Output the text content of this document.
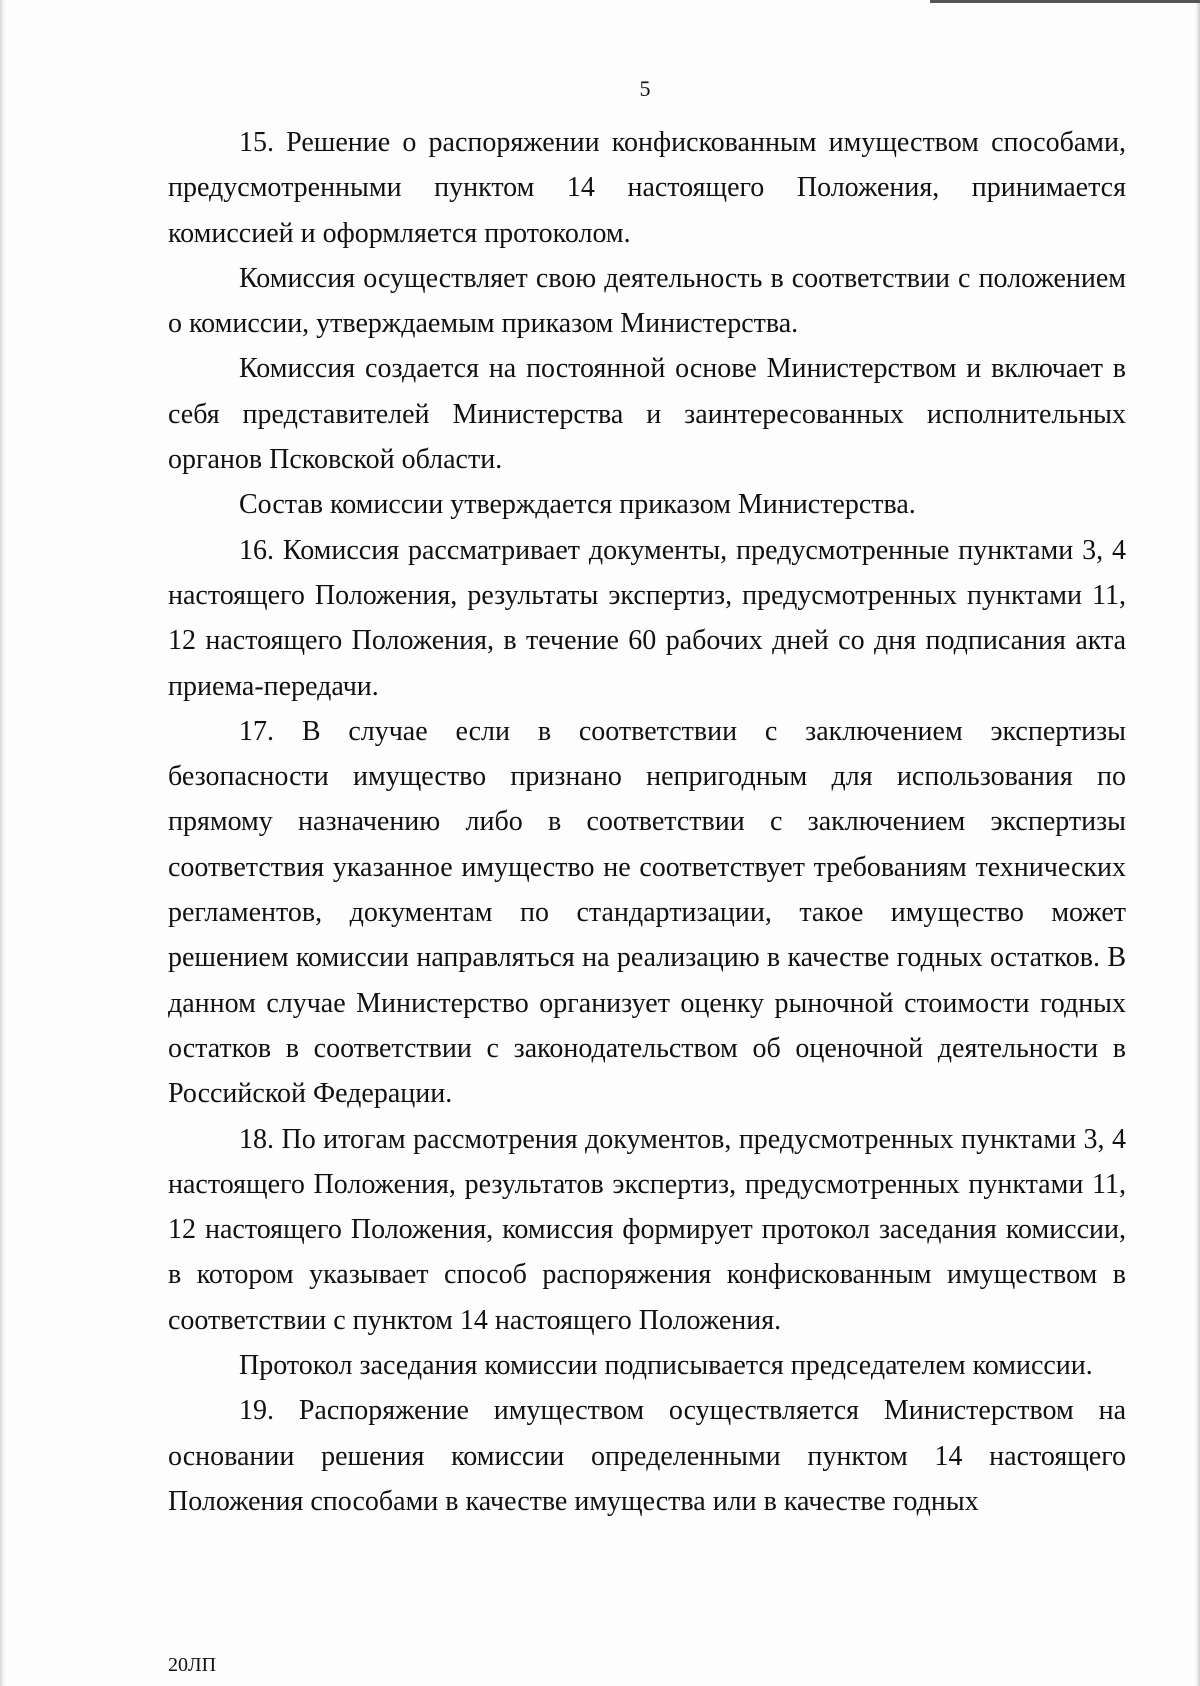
5

15. Решение о распоряжении конфискованным имуществом способами, предусмотренными пунктом 14 настоящего Положения, принимается комиссией и оформляется протоколом.

Комиссия осуществляет свою деятельность в соответствии с положением о комиссии, утверждаемым приказом Министерства.

Комиссия создается на постоянной основе Министерством и включает в себя представителей Министерства и заинтересованных исполнительных органов Псковской области.

Состав комиссии утверждается приказом Министерства.

16. Комиссия рассматривает документы, предусмотренные пунктами 3, 4 настоящего Положения, результаты экспертиз, предусмотренных пунктами 11, 12 настоящего Положения, в течение 60 рабочих дней со дня подписания акта приема-передачи.

17. В случае если в соответствии с заключением экспертизы безопасности имущество признано непригодным для использования по прямому назначению либо в соответствии с заключением экспертизы соответствия указанное имущество не соответствует требованиям технических регламентов, документам по стандартизации, такое имущество может решением комиссии направляться на реализацию в качестве годных остатков. В данном случае Министерство организует оценку рыночной стоимости годных остатков в соответствии с законодательством об оценочной деятельности в Российской Федерации.

18. По итогам рассмотрения документов, предусмотренных пунктами 3, 4 настоящего Положения, результатов экспертиз, предусмотренных пунктами 11, 12 настоящего Положения, комиссия формирует протокол заседания комиссии, в котором указывает способ распоряжения конфискованным имуществом в соответствии с пунктом 14 настоящего Положения.

Протокол заседания комиссии подписывается председателем комиссии.

19. Распоряжение имуществом осуществляется Министерством на основании решения комиссии определенными пунктом 14 настоящего Положения способами в качестве имущества или в качестве годных

20ЛП
